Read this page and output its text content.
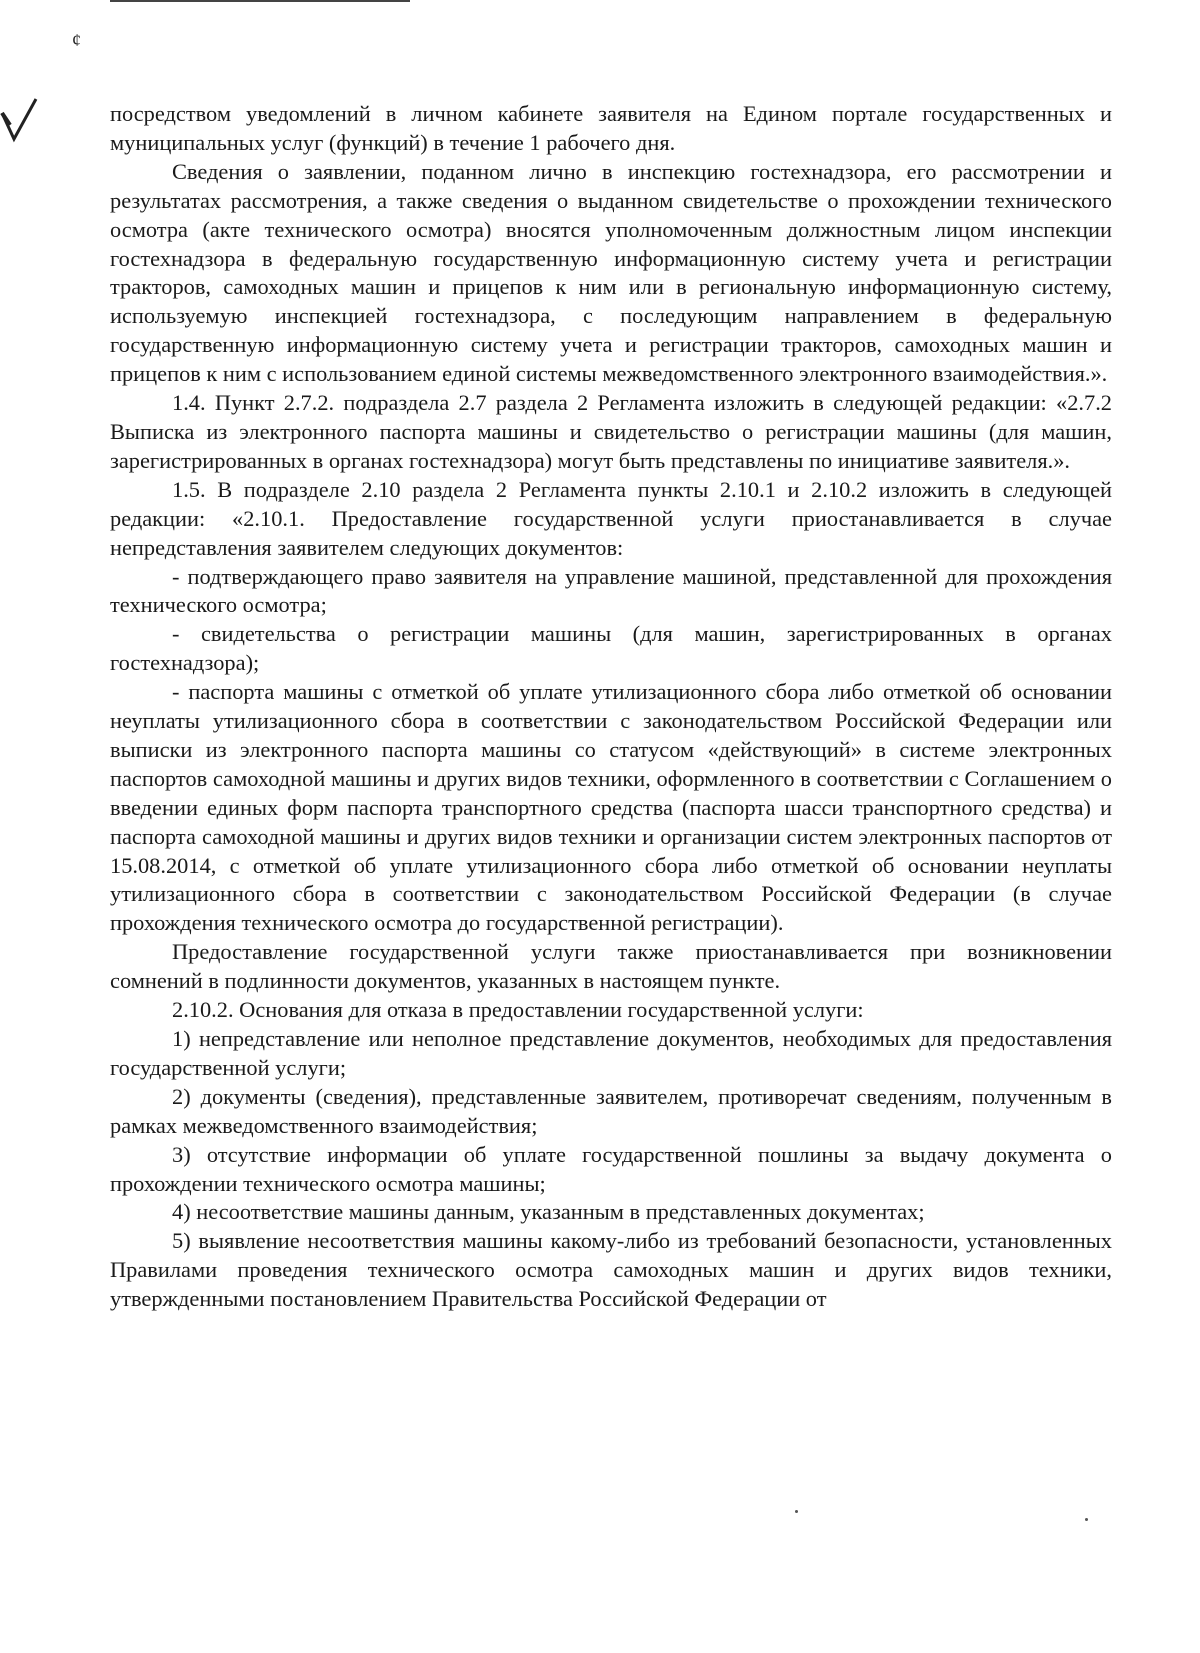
¢

посредством уведомлений в личном кабинете заявителя на Едином портале государственных и муниципальных услуг (функций) в течение 1 рабочего дня.

Сведения о заявлении, поданном лично в инспекцию гостехнадзора, его рассмотрении и результатах рассмотрения, а также сведения о выданном свидетельстве о прохождении технического осмотра (акте технического осмотра) вносятся уполномоченным должностным лицом инспекции гостехнадзора в федеральную государственную информационную систему учета и регистрации тракторов, самоходных машин и прицепов к ним или в региональную информационную систему, используемую инспекцией гостехнадзора, с последующим направлением в федеральную государственную информационную систему учета и регистрации тракторов, самоходных машин и прицепов к ним с использованием единой системы межведомственного электронного взаимодействия.».

1.4. Пункт 2.7.2. подраздела 2.7 раздела 2 Регламента изложить в следующей редакции: «2.7.2 Выписка из электронного паспорта машины и свидетельство о регистрации машины (для машин, зарегистрированных в органах гостехнадзора) могут быть представлены по инициативе заявителя.».

1.5. В подразделе 2.10 раздела 2 Регламента пункты 2.10.1 и 2.10.2 изложить в следующей редакции: «2.10.1. Предоставление государственной услуги приостанавливается в случае непредставления заявителем следующих документов:

- подтверждающего право заявителя на управление машиной, представленной для прохождения технического осмотра;

- свидетельства о регистрации машины (для машин, зарегистрированных в органах гостехнадзора);

- паспорта машины с отметкой об уплате утилизационного сбора либо отметкой об основании неуплаты утилизационного сбора в соответствии с законодательством Российской Федерации или выписки из электронного паспорта машины со статусом «действующий» в системе электронных паспортов самоходной машины и других видов техники, оформленного в соответствии с Соглашением о введении единых форм паспорта транспортного средства (паспорта шасси транспортного средства) и паспорта самоходной машины и других видов техники и организации систем электронных паспортов от 15.08.2014, с отметкой об уплате утилизационного сбора либо отметкой об основании неуплаты утилизационного сбора в соответствии с законодательством Российской Федерации (в случае прохождения технического осмотра до государственной регистрации).

Предоставление государственной услуги также приостанавливается при возникновении сомнений в подлинности документов, указанных в настоящем пункте.

2.10.2. Основания для отказа в предоставлении государственной услуги:

1) непредставление или неполное представление документов, необходимых для предоставления государственной услуги;

2) документы (сведения), представленные заявителем, противоречат сведениям, полученным в рамках межведомственного взаимодействия;

3) отсутствие информации об уплате государственной пошлины за выдачу документа о прохождении технического осмотра машины;

4) несоответствие машины данным, указанным в представленных документах;

5) выявление несоответствия машины какому-либо из требований безопасности, установленных Правилами проведения технического осмотра самоходных машин и других видов техники, утвержденными постановлением Правительства Российской Федерации от
